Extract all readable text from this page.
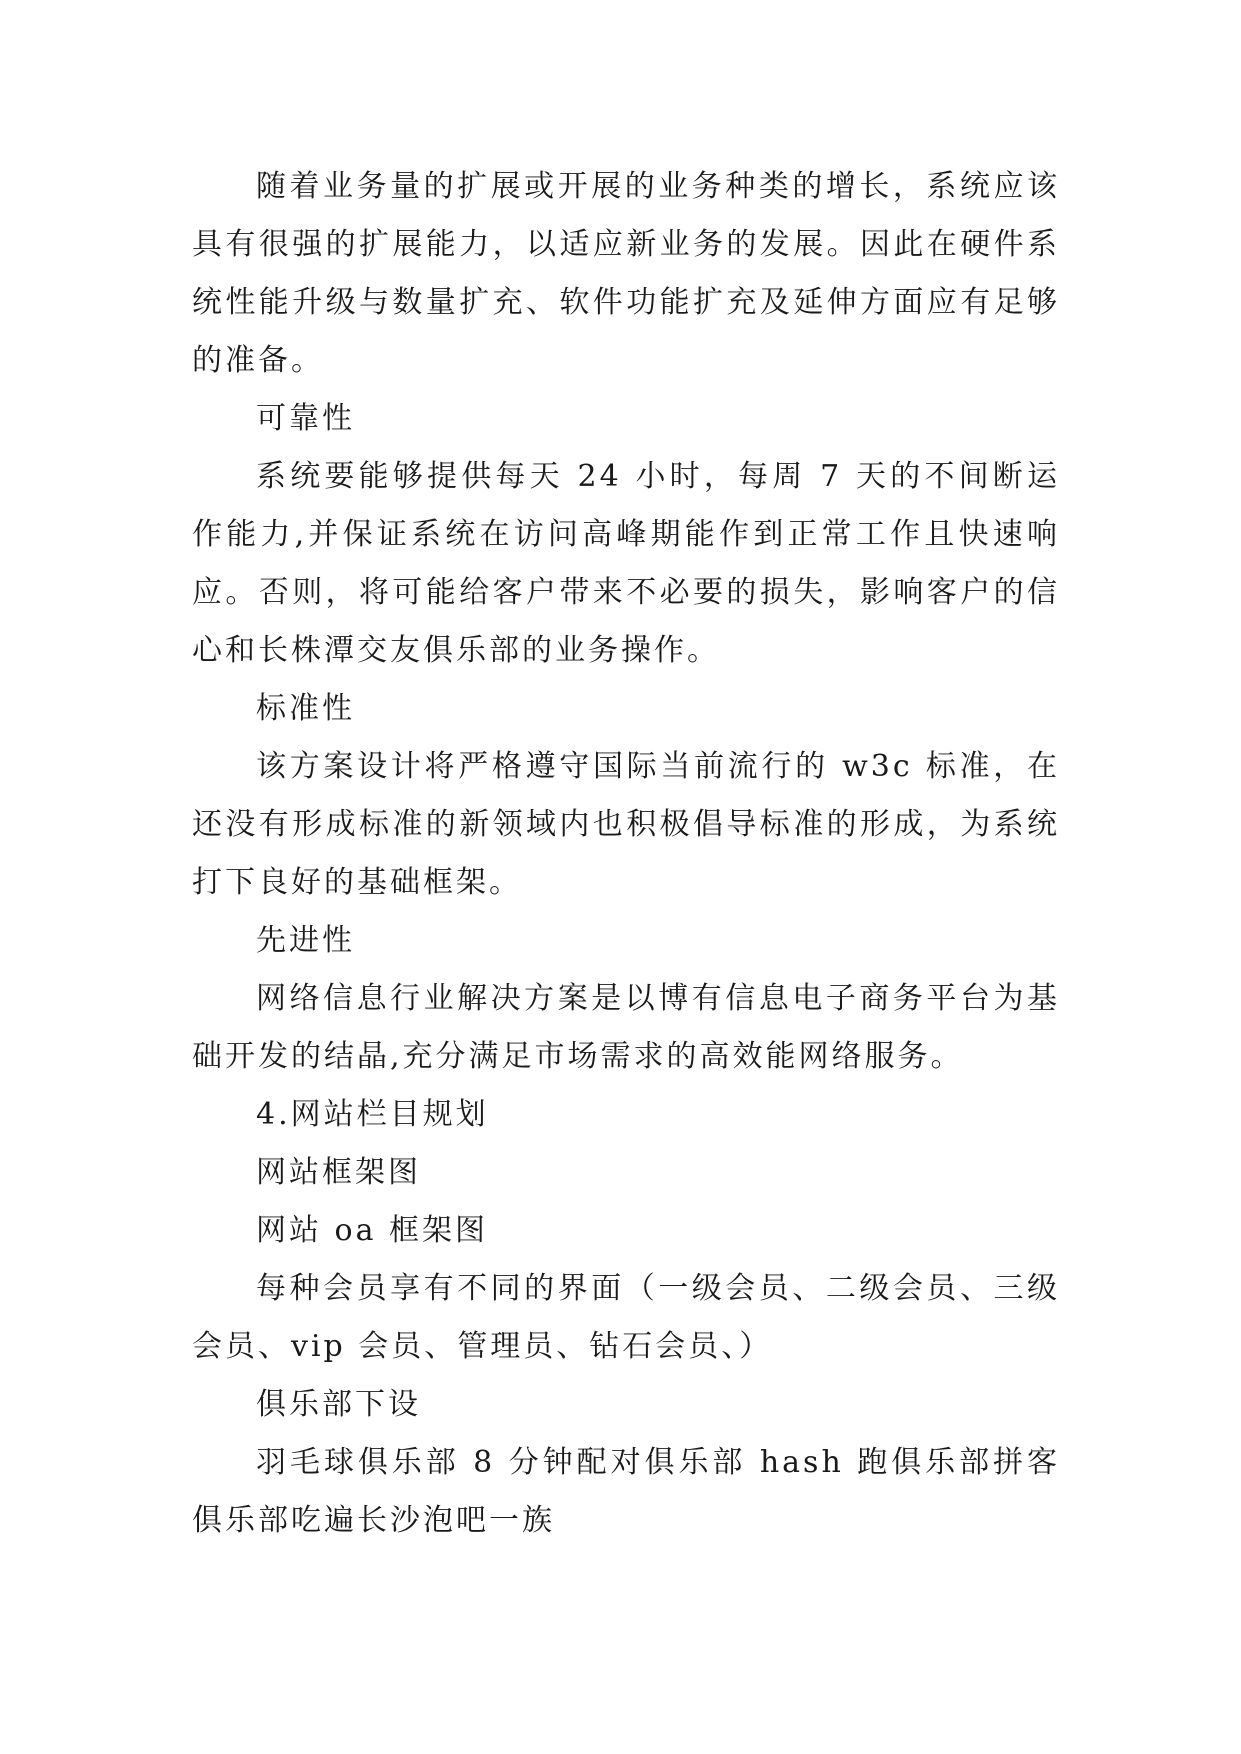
随着业务量的扩展或开展的业务种类的增长，系统应该具有很强的扩展能力，以适应新业务的发展。因此在硬件系统性能升级与数量扩充、软件功能扩充及延伸方面应有足够的准备。

可靠性

系统要能够提供每天 24 小时，每周 7 天的不间断运作能力,并保证系统在访问高峰期能作到正常工作且快速响应。否则，将可能给客户带来不必要的损失，影响客户的信心和长株潭交友俱乐部的业务操作。

标准性

该方案设计将严格遵守国际当前流行的 w3c 标准，在还没有形成标准的新领域内也积极倡导标准的形成，为系统打下良好的基础框架。

先进性

网络信息行业解决方案是以博有信息电子商务平台为基础开发的结晶,充分满足市场需求的高效能网络服务。

4.网站栏目规划

网站框架图

网站 oa 框架图

每种会员享有不同的界面（一级会员、二级会员、三级会员、vip 会员、管理员、钻石会员、）

俱乐部下设

羽毛球俱乐部 8 分钟配对俱乐部 hash 跑俱乐部拼客俱乐部吃遍长沙泡吧一族
